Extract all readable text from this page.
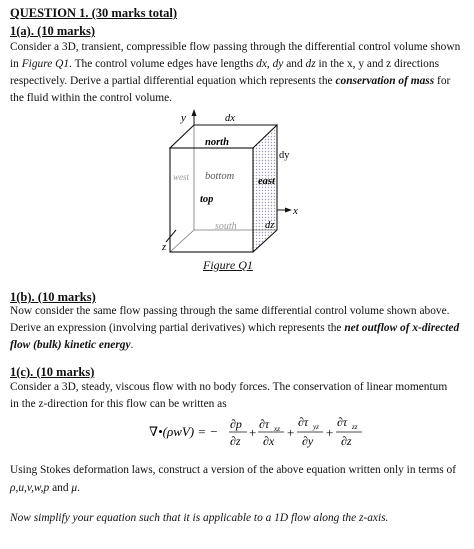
QUESTION 1. (30 marks total)
1(a). (10 marks)
Consider a 3D, transient, compressible flow passing through the differential control volume shown
in Figure Q1. The control volume edges have lengths dx, dy and dz in the x, y and z directions
respectively. Derive a partial differential equation which represents the conservation of mass for
the fluid within the control volume.
y	dx
north
dy
west bottom east
top
x
south	dz
z
Figure Q1
1(b). (10 marks)
Now consider the same flow passing through the same differential control volume shown above.
Derive an expression (involving partial derivatives) which represents the net outflow of x-directed
flow (bulk) kinetic energy.
1(c). (10 marks)
Consider a 3D, steady, viscous flow with no body forces. The conservation of linear momentum
in the z-direction for this flow can be written as
∇•(ρwV) = − ∂p
∂z
+
∂τ xz
∂x
+
∂τ yz
∂y
+
∂τ zz
∂z
Using Stokes deformation laws, construct a version of the above equation written only in terms of
ρ,u,v,w,p and μ.
Now simplify your equation such that it is applicable to a 1D flow along the z-axis.
